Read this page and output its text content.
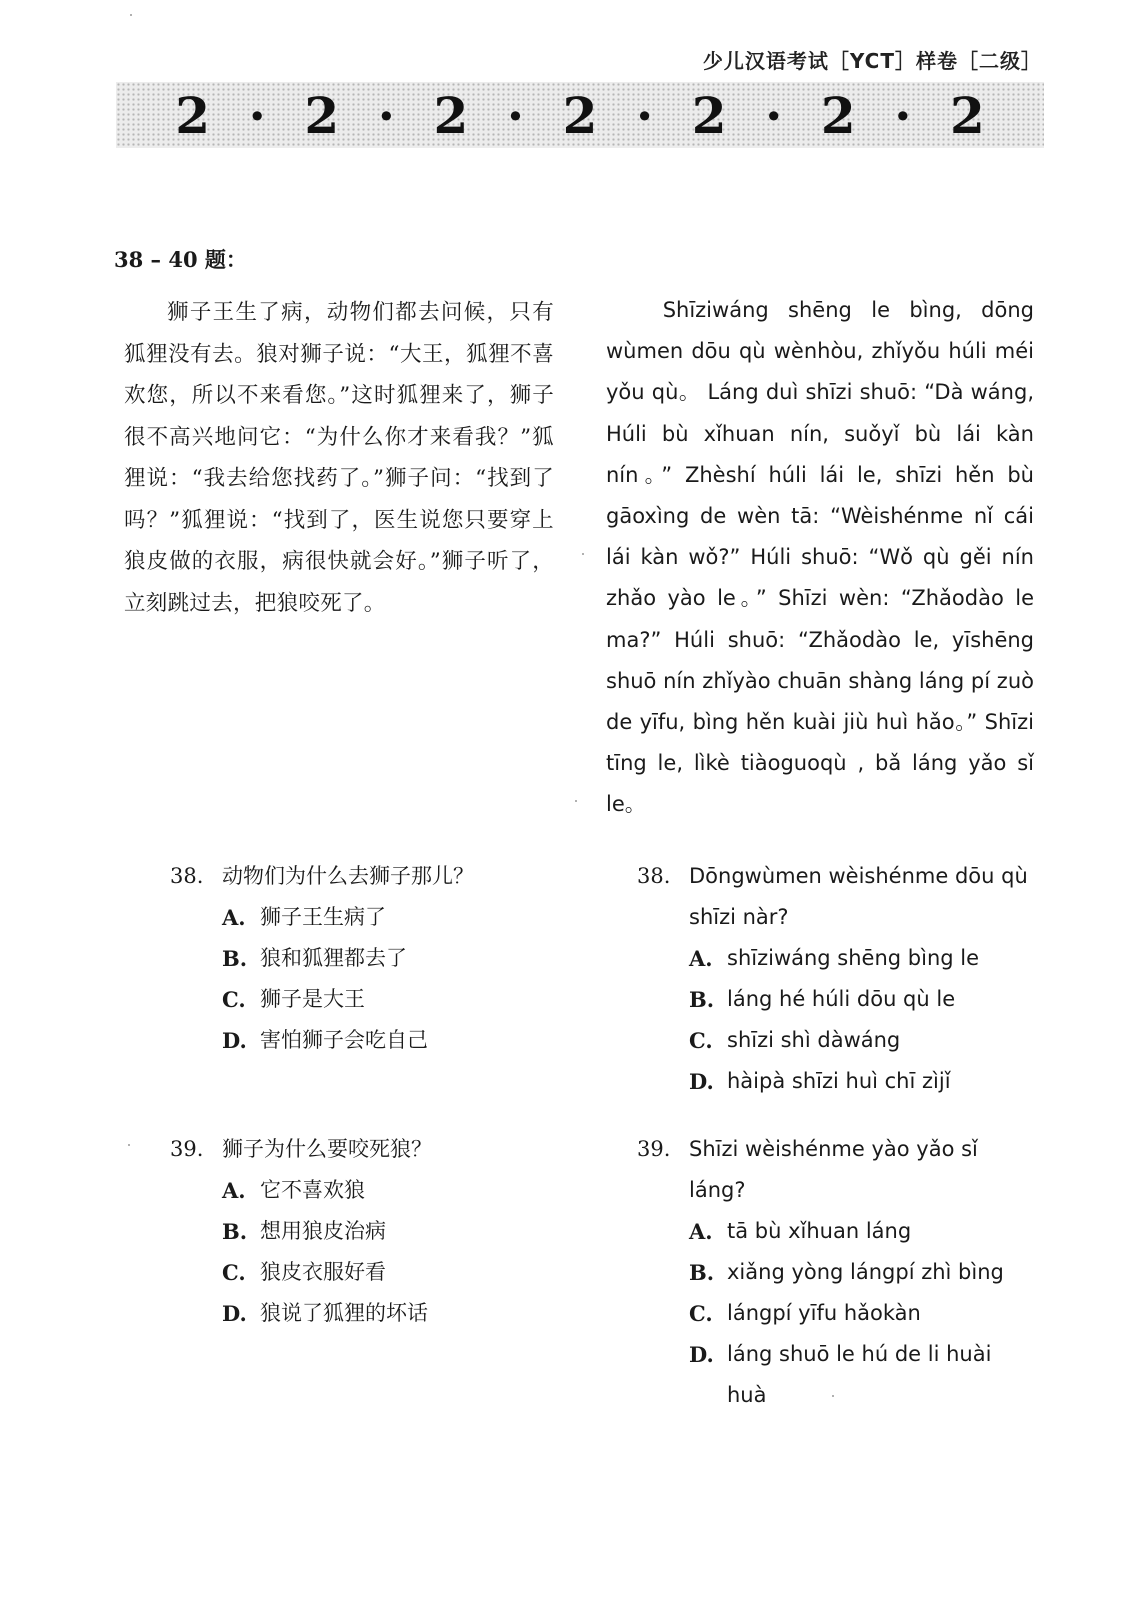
少儿汉语考试［YCT］样卷［二级］
2 · 2 · 2 · 2 · 2 · 2 · 2
38 – 40 题：

狮子王生了病，动物们都去问候，只有狐狸没有去。狼对狮子说：“大王，狐狸不喜欢您，所以不来看您。”这时狐狸来了，狮子很不高兴地问它：“为什么你才来看我？”狐狸说：“我去给您找药了。”狮子问：“找到了吗？”狐狸说：“找到了，医生说您只要穿上狼皮做的衣服，病很快就会好。”狮子听了，立刻跳过去，把狼咬死了。

Shīziwáng shēng le bìng, dōng wùmen dōu qù wènhòu, zhǐyǒu húli méi yǒu qù。 Láng duì shīzi shuō: “Dà wáng, Húli bù xǐhuan nín, suǒyǐ bù lái kàn nín。” Zhèshí húli lái le, shīzi hěn bù gāoxìng de wèn tā: “Wèishénme nǐ cái lái kàn wǒ?” Húli shuō: “Wǒ qù gěi nín zhǎo yào le。” Shīzi wèn: “Zhǎodào le ma?” Húli shuō: “Zhǎodào le, yīshēng shuō nín zhǐyào chuān shàng láng pí zuò de yīfu, bìng hěn kuài jiù huì hǎo。” Shīzi tīng le, lìkè tiàoguoqù , bǎ láng yǎo sǐ le。

38. 动物们为什么去狮子那儿？
A. 狮子王生病了
B. 狼和狐狸都去了
C. 狮子是大王
D. 害怕狮子会吃自己
39. 狮子为什么要咬死狼？
A. 它不喜欢狼
B. 想用狼皮治病
C. 狼皮衣服好看
D. 狼说了狐狸的坏话
38. Dōngwùmen wèishénme dōu qù shīzi nàr?
A. shīziwáng shēng bìng le
B. láng hé húli dōu qù le
C. shīzi shì dàwáng
D. hàipà shīzi huì chī zìjǐ
39. Shīzi wèishénme yào yǎo sǐ láng?
A. tā bù xǐhuan láng
B. xiǎng yòng lángpí zhì bìng
C. lángpí yīfu hǎokàn
D. láng shuō le hú de li huài huà
